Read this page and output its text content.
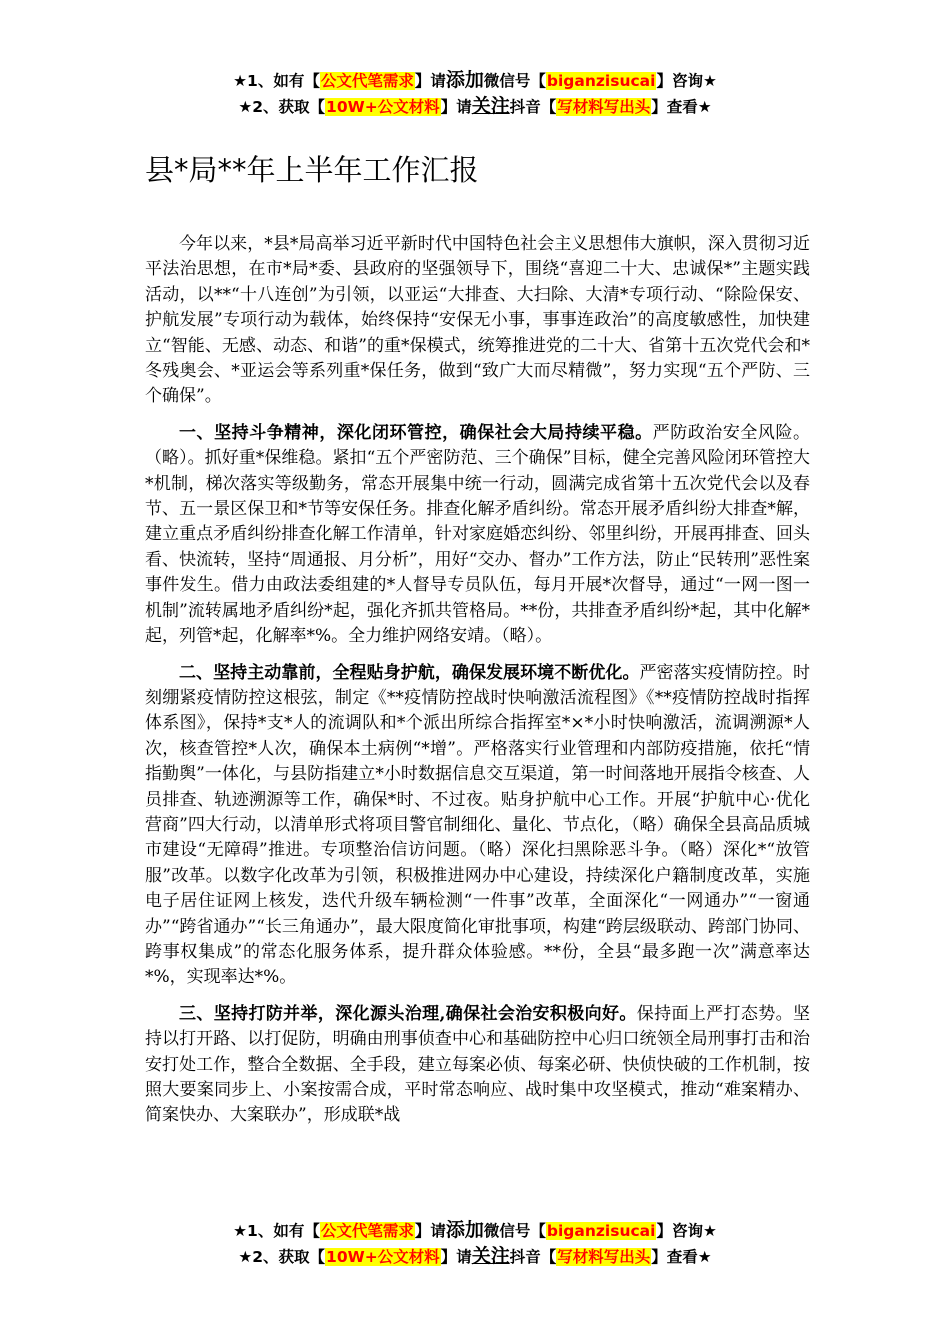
★1、如有【公文代笔需求】请添加微信号【biganzisucai】咨询★
★2、获取【10W+公文材料】请关注抖音【写材料写出头】查看★
县*局**年上半年工作汇报

今年以来，*县*局高举习近平新时代中国特色社会主义思想伟大旗帜，深入贯彻习近平法治思想，在市*局*委、县政府的坚强领导下，围绕“喜迎二十大、忠诚保*”主题实践活动，以**“十八连创”为引领，以亚运“大排查、大扫除、大清*专项行动、“除险保安、护航发展”专项行动为载体，始终保持“安保无小事，事事连政治”的高度敏感性，加快建立“智能、无感、动态、和谐”的重*保模式，统筹推进党的二十大、省第十五次党代会和*冬残奥会、*亚运会等系列重*保任务，做到“致广大而尽精微”，努力实现“五个严防、三个确保”。

一、坚持斗争精神，深化闭环管控，确保社会大局持续平稳。严防政治安全风险。（略）。抓好重*保维稳。紧扣“五个严密防范、三个确保”目标，健全完善风险闭环管控大*机制，梯次落实等级勤务，常态开展集中统一行动，圆满完成省第十五次党代会以及春节、五一景区保卫和*节等安保任务。排查化解矛盾纠纷。常态开展矛盾纠纷大排查*解，建立重点矛盾纠纷排查化解工作清单，针对家庭婚恋纠纷、邻里纠纷，开展再排查、回头看、快流转，坚持“周通报、月分析”，用好“交办、督办”工作方法，防止“民转刑”恶性案事件发生。借力由政法委组建的*人督导专员队伍，每月开展*次督导，通过“一网一图一机制”流转属地矛盾纠纷*起，强化齐抓共管格局。**份，共排查矛盾纠纷*起，其中化解*起，列管*起，化解率*%。全力维护网络安靖。（略）。

二、坚持主动靠前，全程贴身护航，确保发展环境不断优化。严密落实疫情防控。时刻绷紧疫情防控这根弦，制定《**疫情防控战时快响激活流程图》《**疫情防控战时指挥体系图》，保持*支*人的流调队和*个派出所综合指挥室*×*小时快响激活，流调溯源*人次，核查管控*人次，确保本土病例“*增”。严格落实行业管理和内部防疫措施，依托“情指勤舆”一体化，与县防指建立*小时数据信息交互渠道，第一时间落地开展指令核查、人员排查、轨迹溯源等工作，确保*时、不过夜。贴身护航中心工作。开展“护航中心·优化营商”四大行动，以清单形式将项目警官制细化、量化、节点化，（略）确保全县高品质城市建设“无障碍”推进。专项整治信访问题。（略）深化扫黑除恶斗争。（略）深化*“放管服”改革。以数字化改革为引领，积极推进网办中心建设，持续深化户籍制度改革，实施电子居住证网上核发，迭代升级车辆检测“一件事”改革，全面深化“一网通办”“一窗通办”“跨省通办”“长三角通办”，最大限度简化审批事项，构建“跨层级联动、跨部门协同、跨事权集成”的常态化服务体系，提升群众体验感。**份，全县“最多跑一次”满意率达*%，实现率达*%。

三、坚持打防并举，深化源头治理,确保社会治安积极向好。保持面上严打态势。坚持以打开路、以打促防，明确由刑事侦查中心和基础防控中心归口统领全局刑事打击和治安打处工作，整合全数据、全手段，建立每案必侦、每案必研、快侦快破的工作机制，按照大要案同步上、小案按需合成，平时常态响应、战时集中攻坚模式，推动“难案精办、简案快办、大案联办”，形成联*战

★1、如有【公文代笔需求】请添加微信号【biganzisucai】咨询★
★2、获取【10W+公文材料】请关注抖音【写材料写出头】查看★
